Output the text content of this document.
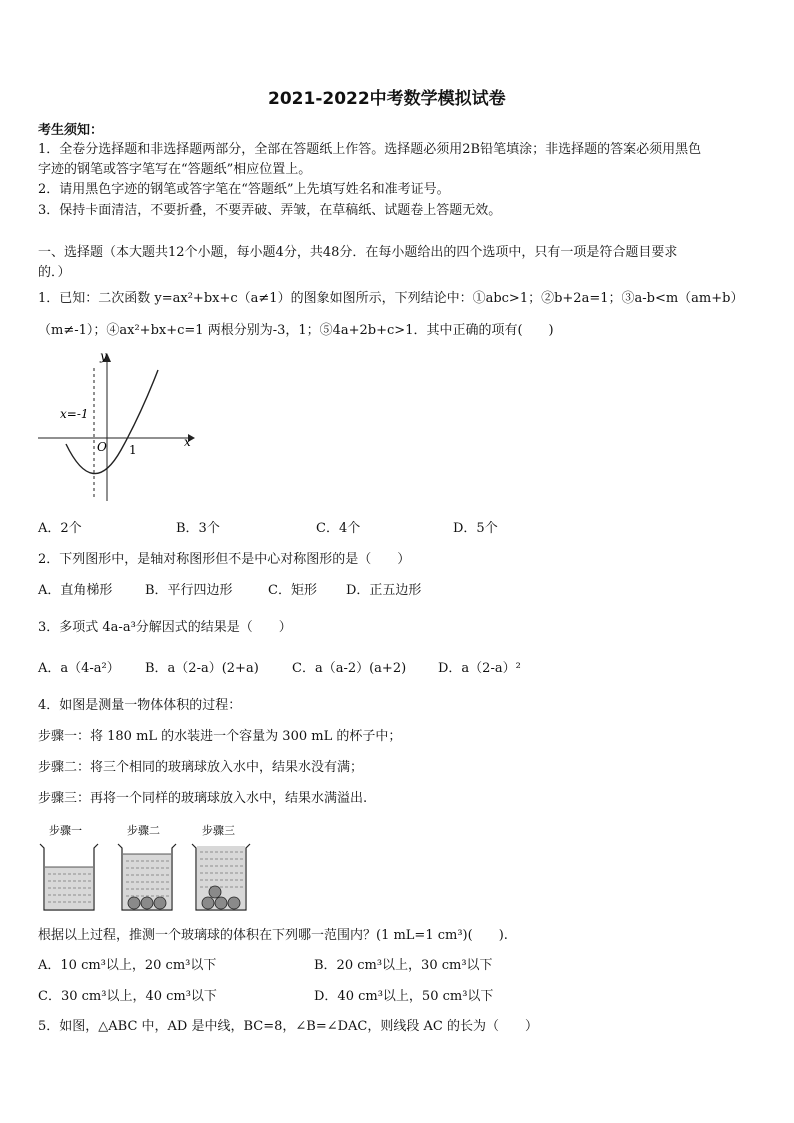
2021-2022中考数学模拟试卷
考生须知：
1．全卷分选择题和非选择题两部分，全部在答题纸上作答。选择题必须用2B铅笔填涂；非选择题的答案必须用黑色
字迹的钢笔或答字笔写在“答题纸”相应位置上。
2．请用黑色字迹的钢笔或答字笔在“答题纸”上先填写姓名和准考证号。
3．保持卡面清洁，不要折叠，不要弄破、弄皱，在草稿纸、试题卷上答题无效。
一、选择题（本大题共12个小题，每小题4分，共48分．在每小题给出的四个选项中，只有一项是符合题目要求
的．）
1．已知：二次函数 y=ax²+bx+c（a≠1）的图象如图所示，下列结论中：①abc>1；②b+2a=1；③a-b<m（am+b）
（m≠-1）；④ax²+bx+c=1 两根分别为-3，1；⑤4a+2b+c>1．其中正确的项有(　　)
y
x
O
x=-1
1
A．2个	B．3个	C．4个	D．5个
2．下列图形中，是轴对称图形但不是中心对称图形的是（　　）
A．直角梯形	B．平行四边形	C．矩形 D．正五边形
3．多项式 4a-a³分解因式的结果是（　　）
A．a（4-a²） B．a（2-a）(2+a)	C．a（a-2）(a+2) D．a（2-a）²
4．如图是测量一物体体积的过程：
步骤一：将 180 mL 的水装进一个容量为 300 mL 的杯子中；
步骤二：将三个相同的玻璃球放入水中，结果水没有满；
步骤三：再将一个同样的玻璃球放入水中，结果水满溢出.
步骤一	步骤二	步骤三
根据以上过程，推测一个玻璃球的体积在下列哪一范围内？(1 mL=1 cm³)(　　).
A．10 cm³以上，20 cm³以下	B．20 cm³以上，30 cm³以下
C．30 cm³以上，40 cm³以下	D．40 cm³以上，50 cm³以下
5．如图，△ABC 中，AD 是中线，BC=8，∠B=∠DAC，则线段 AC 的长为（　　）
